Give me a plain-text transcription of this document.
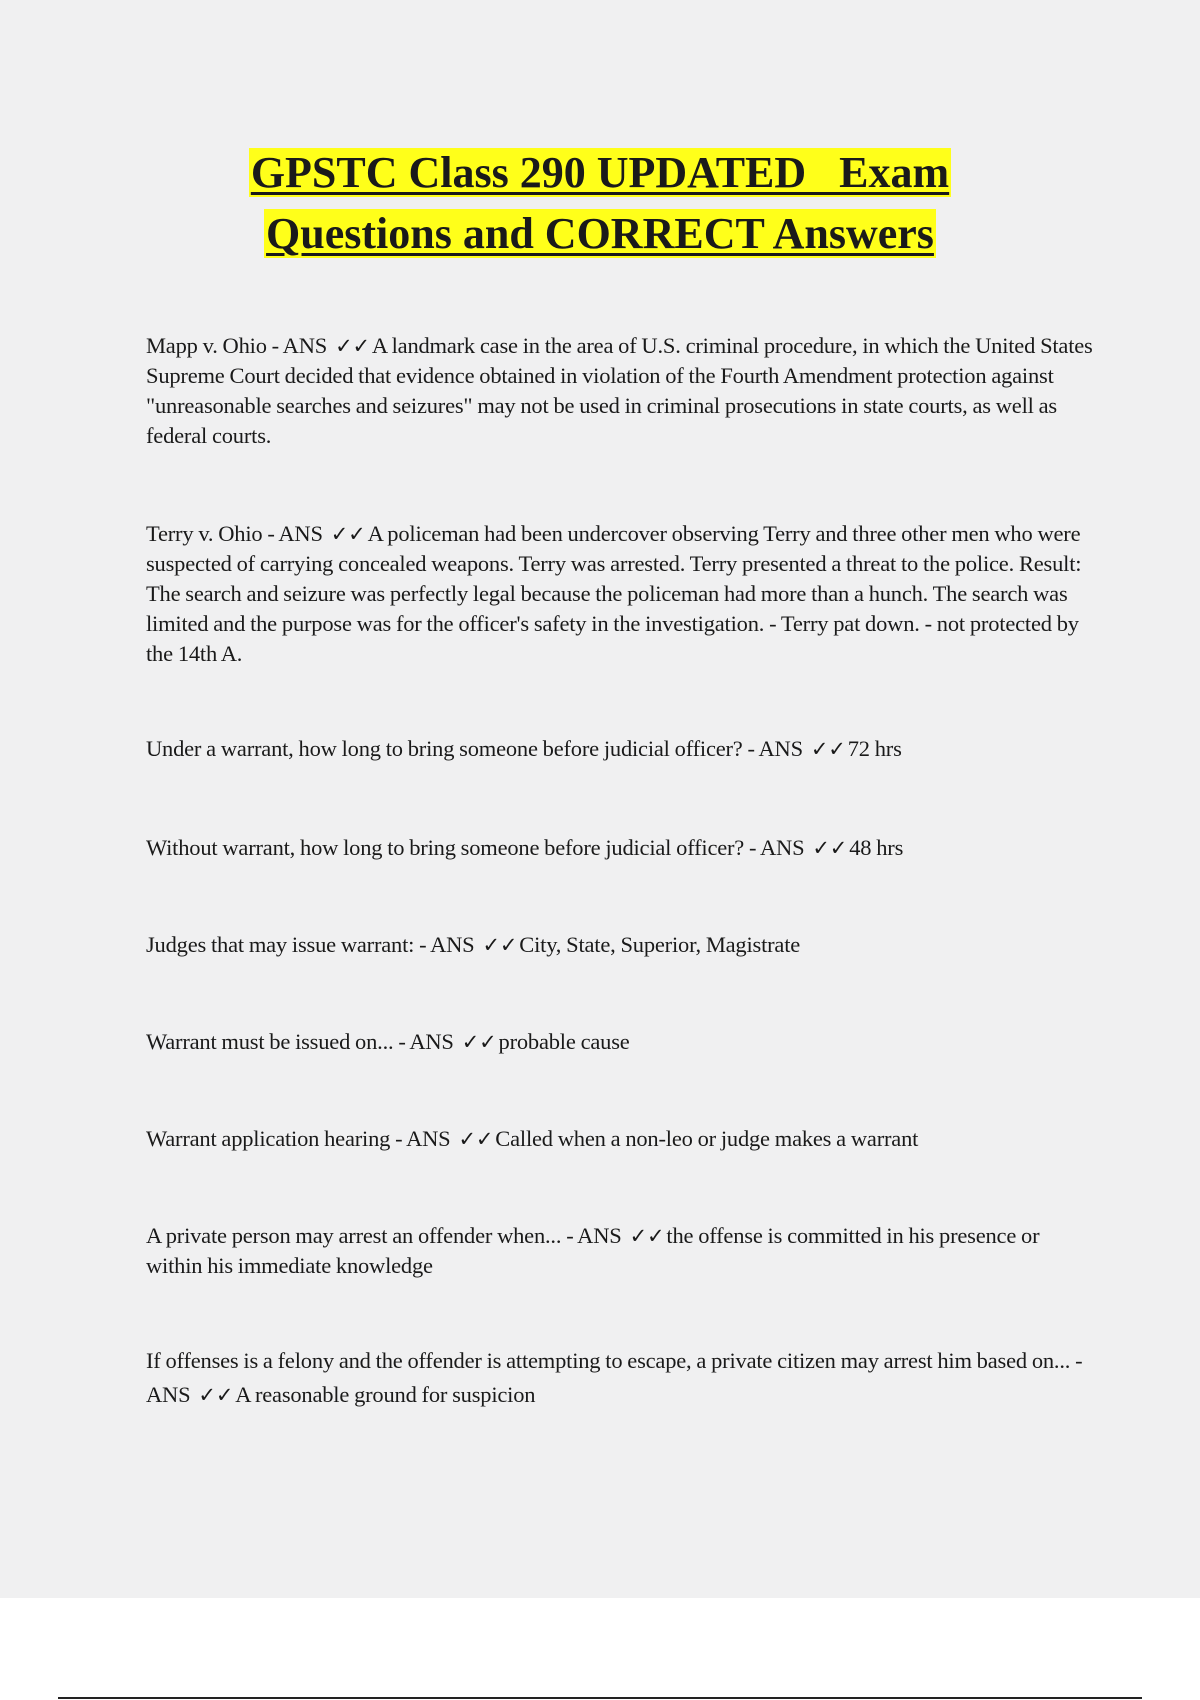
GPSTC Class 290 UPDATED   Exam
Questions and CORRECT Answers

Mapp v. Ohio - ANS ✓✓A landmark case in the area of U.S. criminal procedure, in which the United States Supreme Court decided that evidence obtained in violation of the Fourth Amendment protection against "unreasonable searches and seizures" may not be used in criminal prosecutions in state courts, as well as federal courts.

Terry v. Ohio - ANS ✓✓A policeman had been undercover observing Terry and three other men who were suspected of carrying concealed weapons. Terry was arrested. Terry presented a threat to the police. Result: The search and seizure was perfectly legal because the policeman had more than a hunch. The search was limited and the purpose was for the officer's safety in the investigation. - Terry pat down. - not protected by the 14th A.

Under a warrant, how long to bring someone before judicial officer? - ANS ✓✓72 hrs

Without warrant, how long to bring someone before judicial officer? - ANS ✓✓48 hrs

Judges that may issue warrant: - ANS ✓✓City, State, Superior, Magistrate

Warrant must be issued on... - ANS ✓✓probable cause

Warrant application hearing - ANS ✓✓Called when a non-leo or judge makes a warrant

A private person may arrest an offender when... - ANS ✓✓the offense is committed in his presence or within his immediate knowledge

If offenses is a felony and the offender is attempting to escape, a private citizen may arrest him based on... - ANS ✓✓A reasonable ground for suspicion
